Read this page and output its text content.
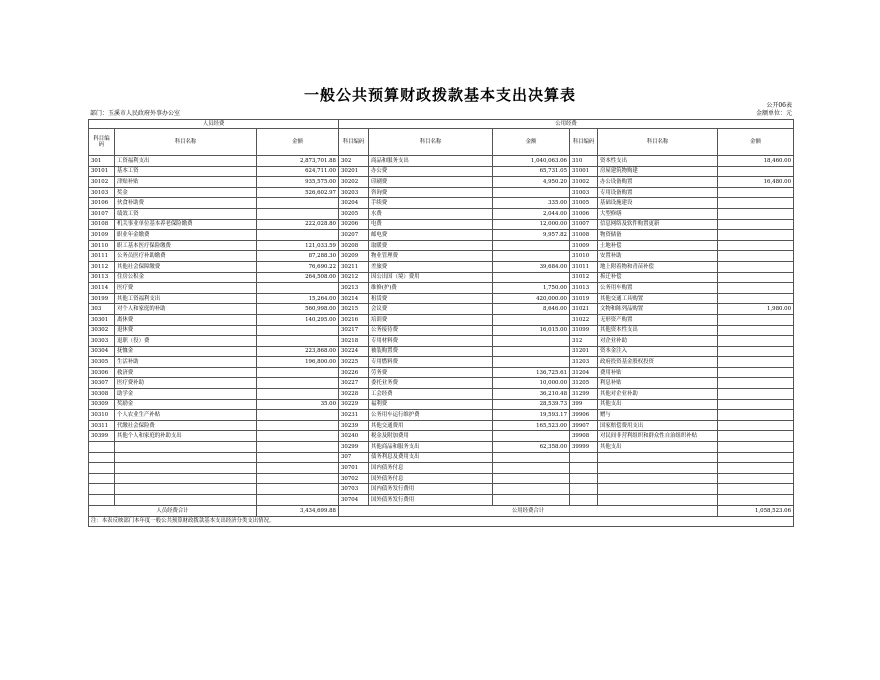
一般公共预算财政拨款基本支出决算表
部门：玉溪市人民政府外事办公室
公开06表
金额单位：元
人员经费			公用经费					
科目编码	科目名称	金额	科目编码	科目名称	金额	科目编码	科目名称	金额
301	工资福利支出	2,873,701.88	302	商品和服务支出	1,040,063.06	310	资本性支出	18,460.00
30101	基本工资	624,711.00	30201	办公费	65,731.05	31001	房屋建筑物购建	
30102	津贴补贴	935,575.00	30202	印刷费	4,950.20	31002	办公设备购置	16,480.00
30103	奖金	526,602.97	30203	咨询费		31003	专用设备购置	
30106	伙食补助费		30204	手续费	335.00	31005	基础设施建设	
30107	绩效工资		30205	水费	2,044.00	31006	大型修缮	
30108	机关事业单位基本养老保险缴费	222,028.80	30206	电费	12,000.00	31007	信息网络及软件购置更新	
30109	职业年金缴费		30207	邮电费	9,957.82	31008	物资储备	
30110	职工基本医疗保险缴费	121,033.59	30208	取暖费		31009	土地补偿	
30111	公务员医疗补助缴费	87,288.30	30209	物业管理费		31010	安置补助	
30112	其他社会保障缴费	76,690.22	30211	差旅费	39,684.00	31011	地上附着物和青苗补偿	
30113	住房公积金	264,508.00	30212	因公出国（境）费用		31012	拆迁补偿	
30114	医疗费		30213	维修(护)费	1,750.00	31013	公务用车购置	
30199	其他工资福利支出	15,264.00	30214	租赁费	420,000.00	31019	其他交通工具购置	
303	对个人和家庭的补助	560,998.00	30215	会议费	8,646.00	31021	文物和陈列品购置	1,980.00
30301	离休费	140,295.00	30216	培训费		31022	无形资产购置	
30302	退休费		30217	公务接待费	16,015.00	31099	其他资本性支出	
30303	退职（役）费		30218	专用材料费		312	对企业补助	
30304	抚恤金	223,868.00	30224	被装购置费		31201	资本金注入	
30305	生活补助	196,800.00	30225	专用燃料费		31203	政府投资基金股权投资	
30306	救济费		30226	劳务费	136,725.61	31204	费用补贴	
30307	医疗费补助		30227	委托业务费	10,000.00	31205	利息补贴	
30308	助学金		30228	工会经费	36,210.48	31299	其他对企业补助	
30309	奖励金	35.00	30229	福利费	28,539.73	399	其他支出	
30310	个人农业生产补贴		30231	公务用车运行维护费	19,593.17	39906	赠与	
30311	代缴社会保险费		30239	其他交通费用	165,523.00	39907	国家赔偿费用支出	
30399	其他个人和家庭的补助支出		30240	税金及附加费用		39908	对民间非营利组织和群众性自治组织补贴	
			30299	其他商品和服务支出	62,358.00	39999	其他支出	
			307	债务利息及费用支出				
			30701	国内债务付息				
			30702	国外债务付息				
			30703	国内债务发行费用				
			30704	国外债务发行费用				
人员经费合计		3,434,699.88	公用经费合计					1,058,523.06
注：本表反映部门本年度一般公共预算财政拨款基本支出经济分类支出情况。								
